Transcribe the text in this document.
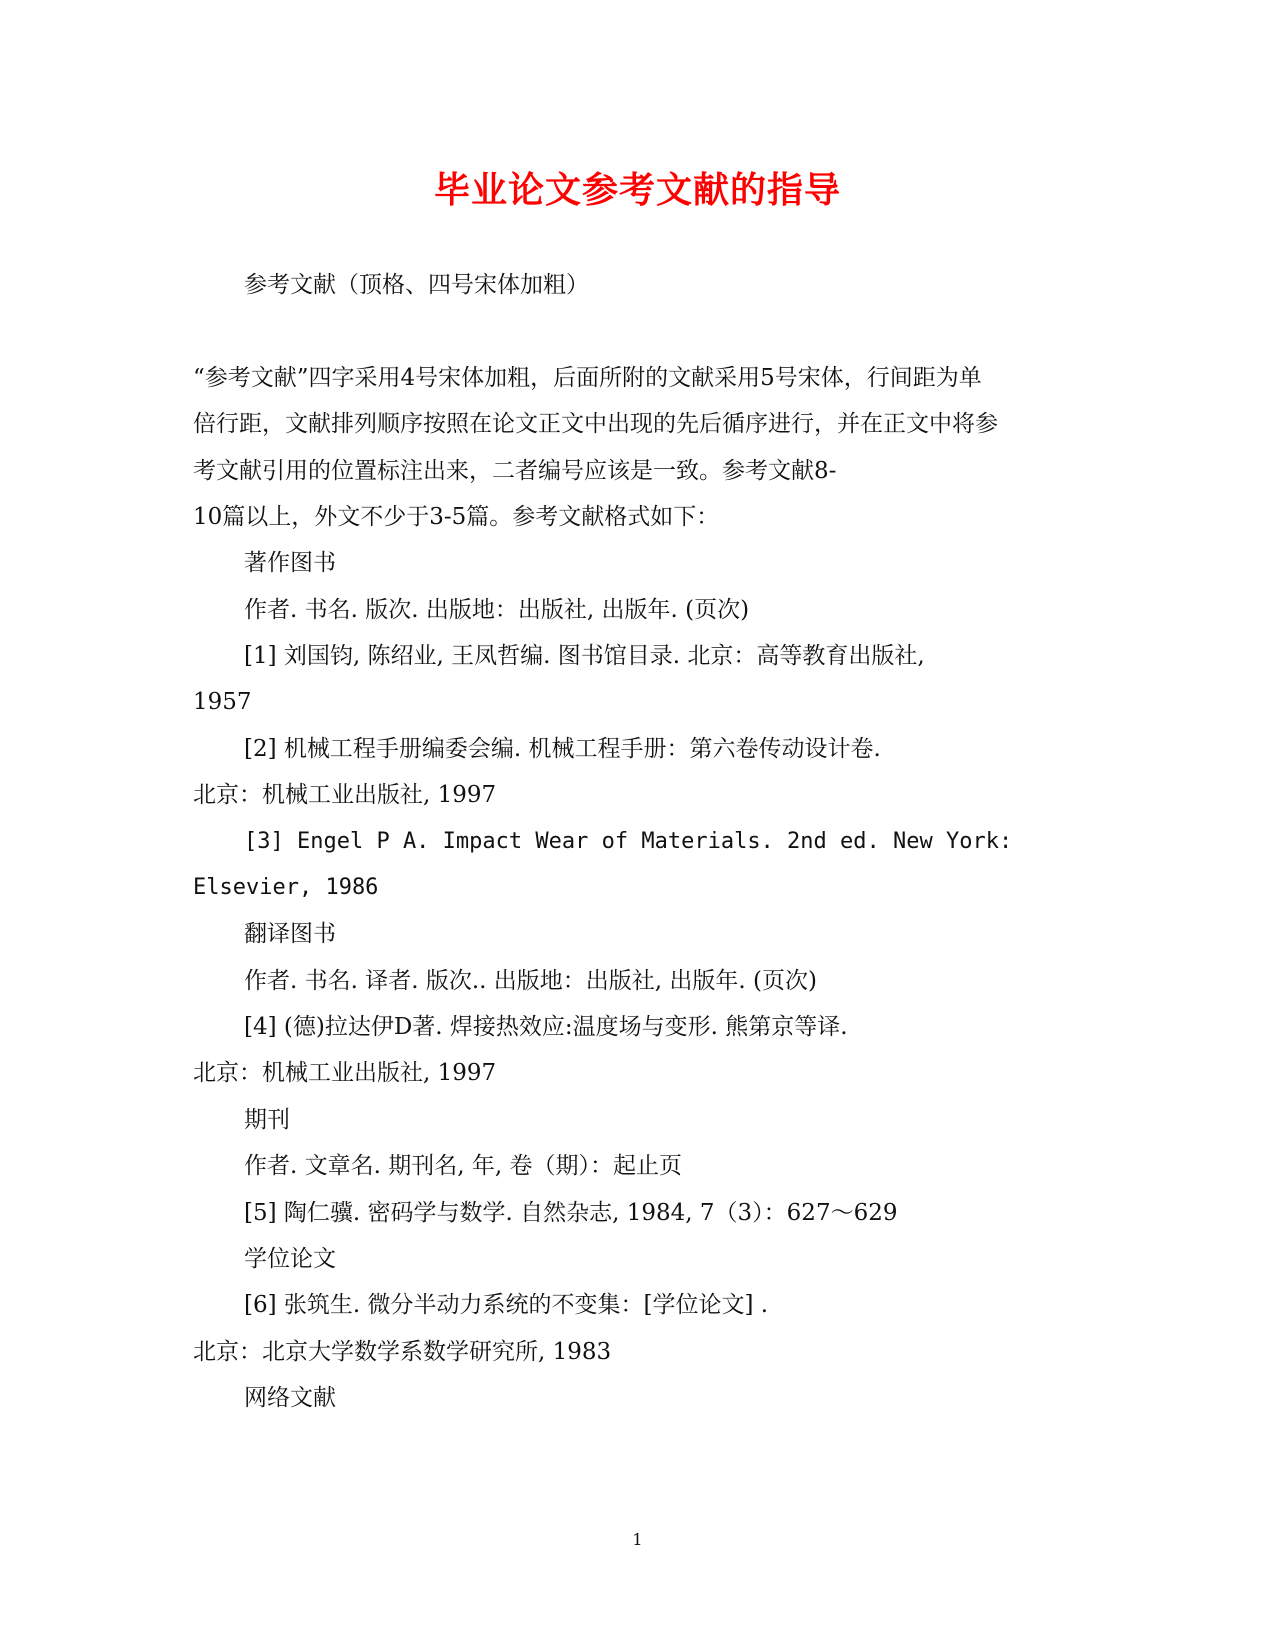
毕业论文参考文献的指导
参考文献（顶格、四号宋体加粗）
“参考文献”四字采用4号宋体加粗，后面所附的文献采用5号宋体，行间距为单
倍行距，文献排列顺序按照在论文正文中出现的先后循序进行，并在正文中将参
考文献引用的位置标注出来，二者编号应该是一致。参考文献8-
10篇以上，外文不少于3-5篇。参考文献格式如下：
著作图书
作者. 书名. 版次. 出版地：出版社, 出版年. (页次)
[1] 刘国钧, 陈绍业, 王凤哲编. 图书馆目录. 北京：高等教育出版社,
1957
[2] 机械工程手册编委会编. 机械工程手册：第六卷传动设计卷.
北京：机械工业出版社, 1997
[3] Engel P A. Impact Wear of Materials. 2nd ed. New York:
Elsevier, 1986
翻译图书
作者. 书名. 译者. 版次.. 出版地：出版社, 出版年. (页次)
[4] (德)拉达伊D著. 焊接热效应:温度场与变形. 熊第京等译.
北京：机械工业出版社, 1997
期刊
作者. 文章名. 期刊名, 年, 卷（期）：起止页
[5] 陶仁骥. 密码学与数学. 自然杂志, 1984, 7（3）：627～629
学位论文
[6] 张筑生. 微分半动力系统的不变集：[学位论文] .
北京：北京大学数学系数学研究所, 1983
网络文献
1
